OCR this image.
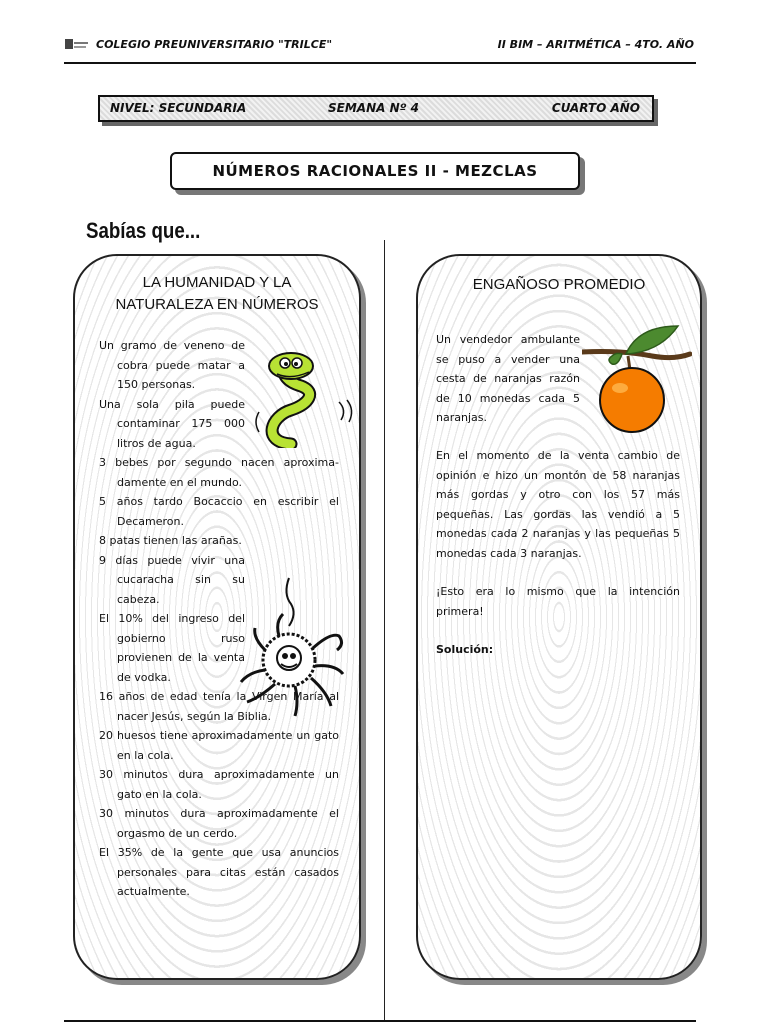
COLEGIO PREUNIVERSITARIO "TRILCE"	II BIM – ARITMÉTICA – 4TO. AÑO
NIVEL: SECUNDARIA	SEMANA Nº 4	CUARTO AÑO
NÚMEROS RACIONALES II - MEZCLAS
Sabías que...
LA HUMANIDAD Y LA
NATURALEZA EN NÚMEROS
Un gramo de veneno de cobra puede matar a 150 personas.
Una sola pila puede contaminar 175 000 litros de agua.
3 bebes por segundo nacen aproxima-damente en el mundo.
5 años tardo Bocaccio en escribir el Decameron.
8 patas tienen las arañas.
9 días puede vivir una cucaracha sin su cabeza.
El 10% del ingreso del gobierno ruso provienen de la venta de vodka.
16 años de edad tenía la Virgen María al nacer Jesús, según la Biblia.
20 huesos tiene aproximadamente un gato en la cola.
30 minutos dura aproximadamente un gato en la cola.
30 minutos dura aproximadamente el orgasmo de un cerdo.
El 35% de la gente que usa anuncios personales para citas están casados actualmente.
ENGAÑOSO PROMEDIO
Un vendedor ambulante se puso a vender una cesta de naranjas razón de 10 monedas cada 5 naranjas.
En el momento de la venta cambio de opinión e hizo un montón de 58 naranjas más gordas y otro con los 57 más pequeñas. Las gordas las vendió a 5 monedas cada 2 naranjas y las pequeñas 5 monedas cada 3 naranjas.
¡Esto era lo mismo que la intención primera!
Solución:
